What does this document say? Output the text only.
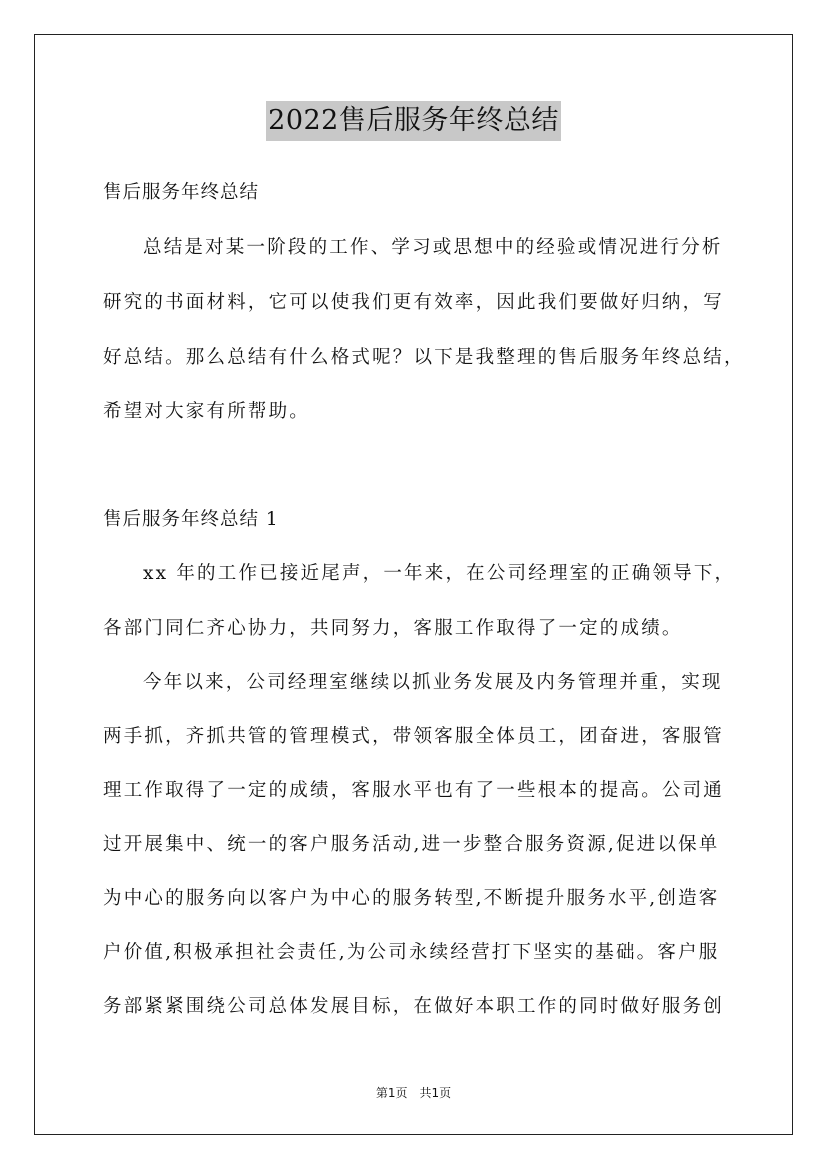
2022售后服务年终总结
售后服务年终总结
总结是对某一阶段的工作、学习或思想中的经验或情况进行分析
研究的书面材料，它可以使我们更有效率，因此我们要做好归纳，写
好总结。那么总结有什么格式呢？以下是我整理的售后服务年终总结，
希望对大家有所帮助。
售后服务年终总结 1
xx 年的工作已接近尾声，一年来，在公司经理室的正确领导下，
各部门同仁齐心协力，共同努力，客服工作取得了一定的成绩。
今年以来，公司经理室继续以抓业务发展及内务管理并重，实现
两手抓，齐抓共管的管理模式，带领客服全体员工，团奋进，客服管
理工作取得了一定的成绩，客服水平也有了一些根本的提高。公司通
过开展集中、统一的客户服务活动,进一步整合服务资源,促进以保单
为中心的服务向以客户为中心的服务转型,不断提升服务水平,创造客
户价值,积极承担社会责任,为公司永续经营打下坚实的基础。客户服
务部紧紧围绕公司总体发展目标，在做好本职工作的同时做好服务创
第1页 共1页
